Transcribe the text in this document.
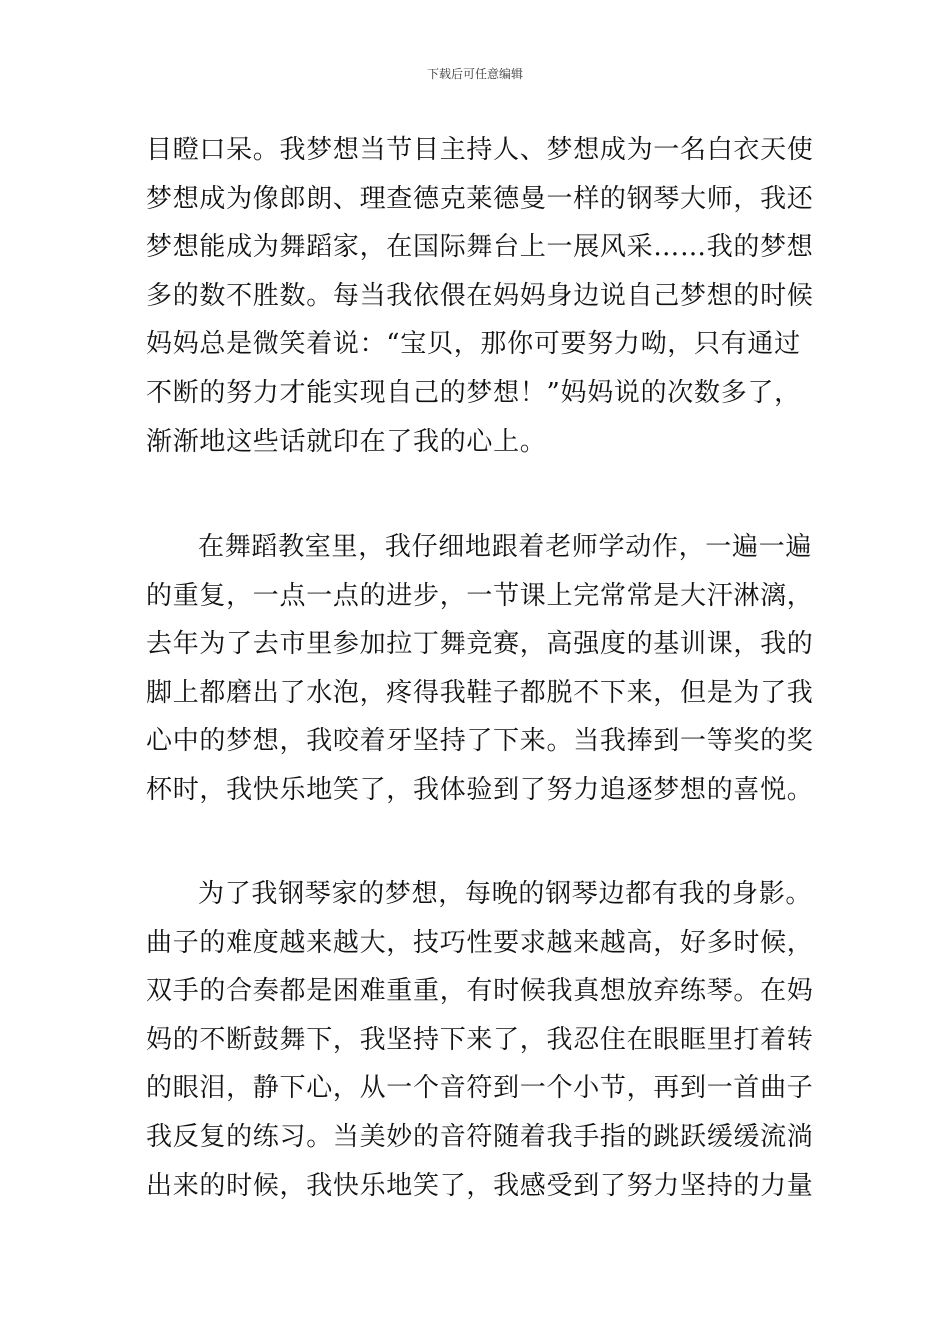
下载后可任意编辑
目瞪口呆。我梦想当节目主持人、梦想成为一名白衣天使
梦想成为像郎朗、理查德克莱德曼一样的钢琴大师，我还
梦想能成为舞蹈家，在国际舞台上一展风采……我的梦想
多的数不胜数。每当我依偎在妈妈身边说自己梦想的时候
妈妈总是微笑着说：“宝贝，那你可要努力呦，只有通过
不断的努力才能实现自己的梦想！”妈妈说的次数多了，
渐渐地这些话就印在了我的心上。
在舞蹈教室里，我仔细地跟着老师学动作，一遍一遍
的重复，一点一点的进步，一节课上完常常是大汗淋漓，
去年为了去市里参加拉丁舞竞赛，高强度的基训课，我的
脚上都磨出了水泡，疼得我鞋子都脱不下来，但是为了我
心中的梦想，我咬着牙坚持了下来。当我捧到一等奖的奖
杯时，我快乐地笑了，我体验到了努力追逐梦想的喜悦。
为了我钢琴家的梦想，每晚的钢琴边都有我的身影。
曲子的难度越来越大，技巧性要求越来越高，好多时候，
双手的合奏都是困难重重，有时候我真想放弃练琴。在妈
妈的不断鼓舞下，我坚持下来了，我忍住在眼眶里打着转
的眼泪，静下心，从一个音符到一个小节，再到一首曲子
我反复的练习。当美妙的音符随着我手指的跳跃缓缓流淌
出来的时候，我快乐地笑了，我感受到了努力坚持的力量
